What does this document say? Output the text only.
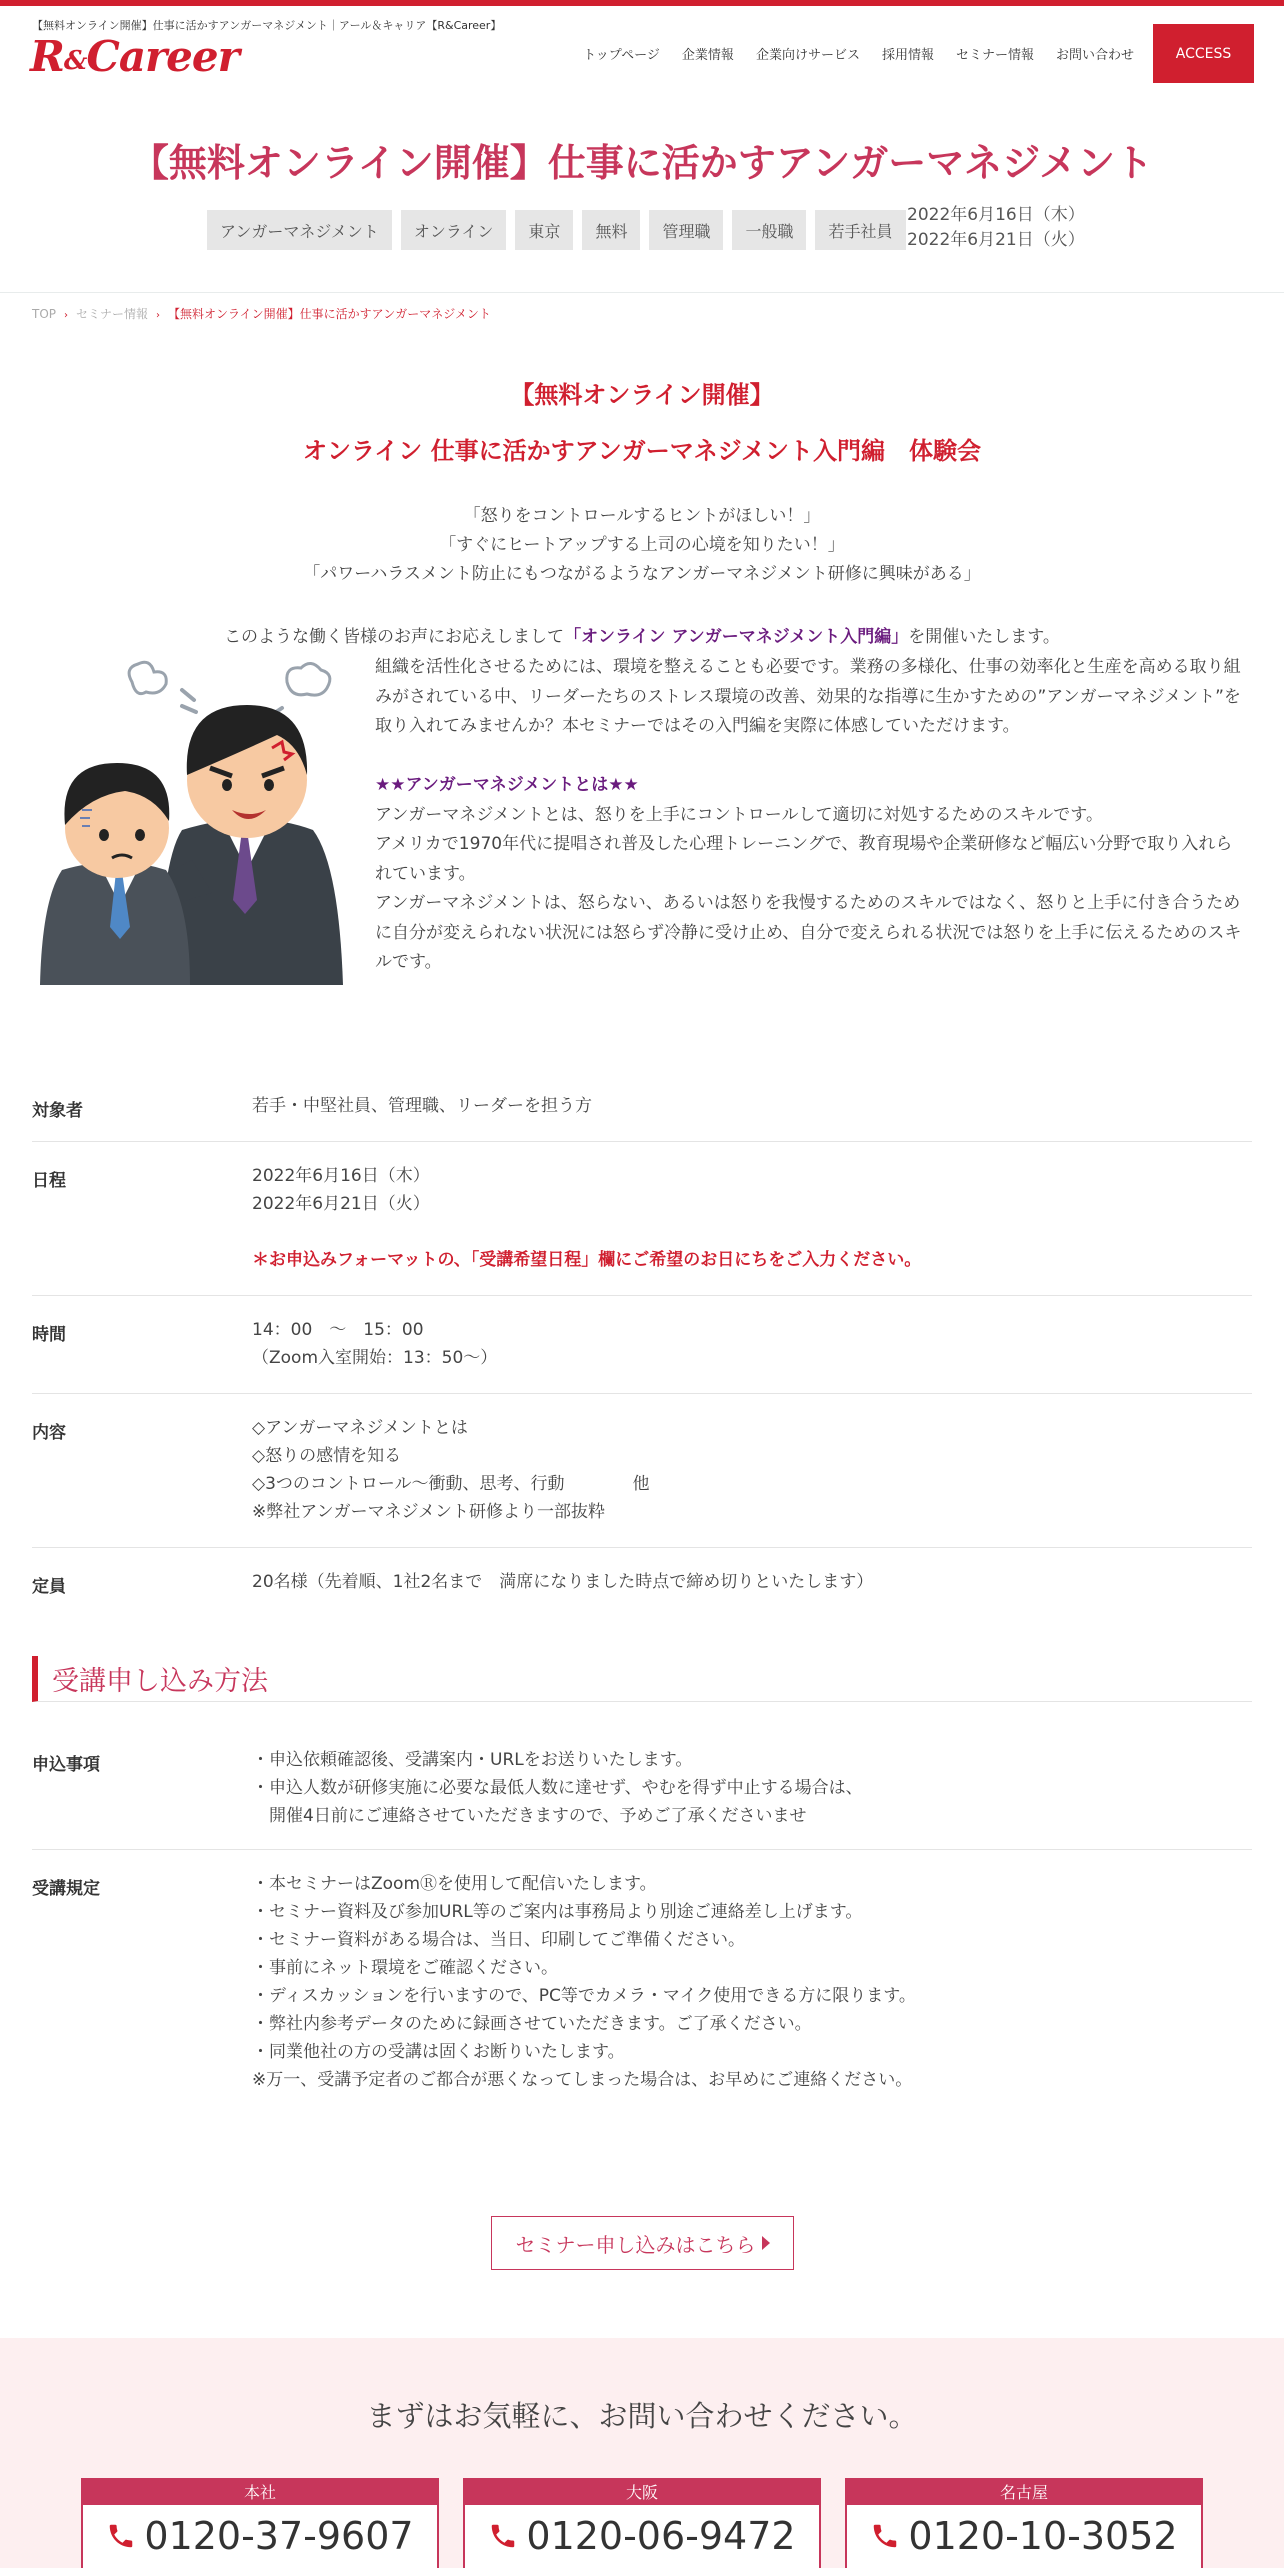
【無料オンライン開催】仕事に活かすアンガーマネジメント｜アール＆キャリア【R&Career】
R&Career	トップページ 企業情報 企業向けサービス 採用情報 セミナー情報 お問い合わせ	ACCESS
【無料オンライン開催】仕事に活かすアンガーマネジメント
アンガーマネジメント	オンライン	東京	無料	管理職	一般職	若手社員
2022年6月16日（木）
2022年6月21日（火）
TOP › セミナー情報 › 【無料オンライン開催】仕事に活かすアンガーマネジメント
【無料オンライン開催】
オンライン 仕事に活かすアンガーマネジメント入門編　体験会
「怒りをコントロールするヒントがほしい！」
「すぐにヒートアップする上司の心境を知りたい！」
「パワーハラスメント防止にもつながるようなアンガーマネジメント研修に興味がある」
このような働く皆様のお声にお応えしまして「オンライン アンガーマネジメント入門編」を開催いたします。

組織を活性化させるためには、環境を整えることも必要です。業務の多様化、仕事の効率化と生産を高める取り組みがされている中、リーダーたちのストレス環境の改善、効果的な指導に生かすための”アンガーマネジメント”を取り入れてみませんか？本セミナーではその入門編を実際に体感していただけます。

★★アンガーマネジメントとは★★

アンガーマネジメントとは、怒りを上手にコントロールして適切に対処するためのスキルです。

アメリカで1970年代に提唱され普及した心理トレーニングで、教育現場や企業研修など幅広い分野で取り入れられています。

アンガーマネジメントは、怒らない、あるいは怒りを我慢するためのスキルではなく、怒りと上手に付き合うために自分が変えられない状況には怒らず冷静に受け止め、自分で変えられる状況では怒りを上手に伝えるためのスキルです。

対象者	若手・中堅社員、管理職、リーダーを担う方
日程	2022年6月16日（木）
2022年6月21日（火）
＊お申込みフォーマットの、「受講希望日程」欄にご希望のお日にちをご入力ください。
時間	14：00　～　15：00
（Zoom入室開始：13：50～）
内容	◇アンガーマネジメントとは
◇怒りの感情を知る
◇3つのコントロール～衝動、思考、行動　　　　他
※弊社アンガーマネジメント研修より一部抜粋
定員	20名様（先着順、1社2名まで　満席になりました時点で締め切りといたします）
受講申し込み方法
申込事項	・申込依頼確認後、受講案内・URLをお送りいたします。
・申込人数が研修実施に必要な最低人数に達せず、やむを得ず中止する場合は、
　開催4日前にご連絡させていただきますので、予めご了承くださいませ
受講規定	・本セミナーはZoomⓇを使用して配信いたします。
・セミナー資料及び参加URL等のご案内は事務局より別途ご連絡差し上げます。
・セミナー資料がある場合は、当日、印刷してご準備ください。
・事前にネット環境をご確認ください。
・ディスカッションを行いますので、PC等でカメラ・マイク使用できる方に限ります。
・弊社内参考データのために録画させていただきます。ご了承ください。
・同業他社の方の受講は固くお断りいたします。
※万一、受講予定者のご都合が悪くなってしまった場合は、お早めにご連絡ください。
セミナー申し込みはこちら
まずはお気軽に、お問い合わせください。
本社
0120-37-9607
大阪
0120-06-9472
名古屋
0120-10-3052
